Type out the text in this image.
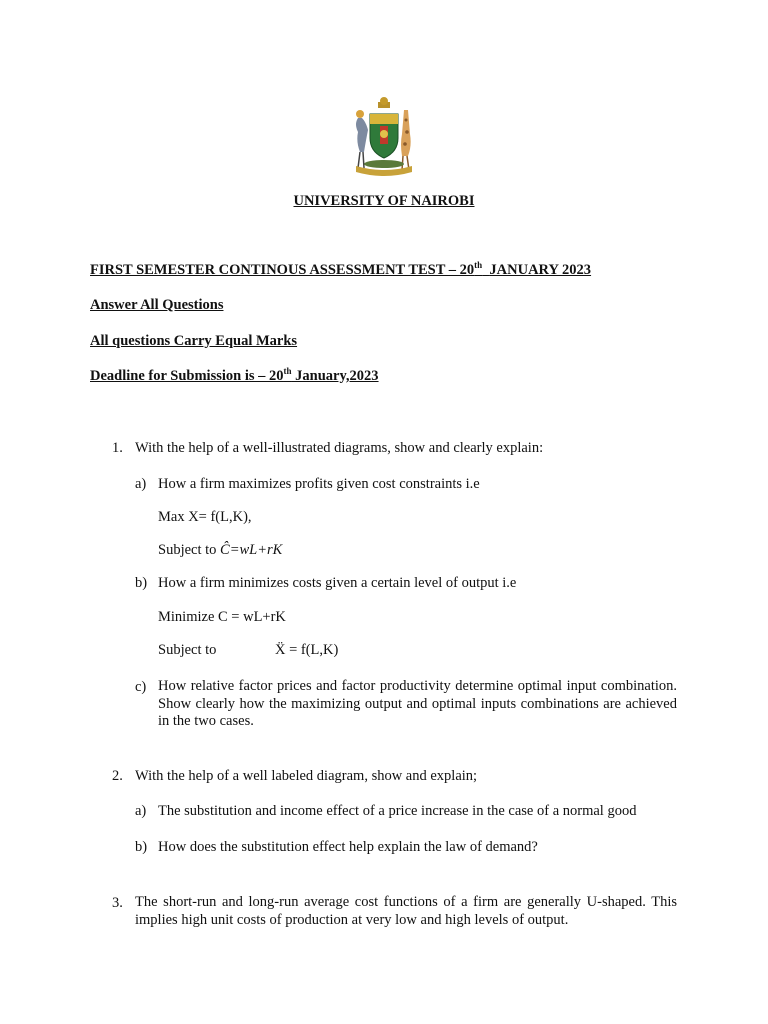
UNIVERSITY OF NAIROBI
FIRST SEMESTER CONTINOUS ASSESSMENT TEST – 20th JANUARY 2023
Answer All Questions
All questions Carry Equal Marks
Deadline for Submission is – 20th January,2023
1. With the help of a well-illustrated diagrams, show and clearly explain:
a) How a firm maximizes profits given cost constraints i.e
Max X= f(L,K),
Subject to Ĉ=wL+rK
b) How a firm minimizes costs given a certain level of output i.e
Minimize C = wL+rK
Subject to	Ẍ = f(L,K)
c) How relative factor prices and factor productivity determine optimal input combination. Show clearly how the maximizing output and optimal inputs combinations are achieved in the two cases.
2. With the help of a well labeled diagram, show and explain;
a) The substitution and income effect of a price increase in the case of a normal good
b) How does the substitution effect help explain the law of demand?
3. The short-run and long-run average cost functions of a firm are generally U-shaped. This implies high unit costs of production at very low and high levels of output.
